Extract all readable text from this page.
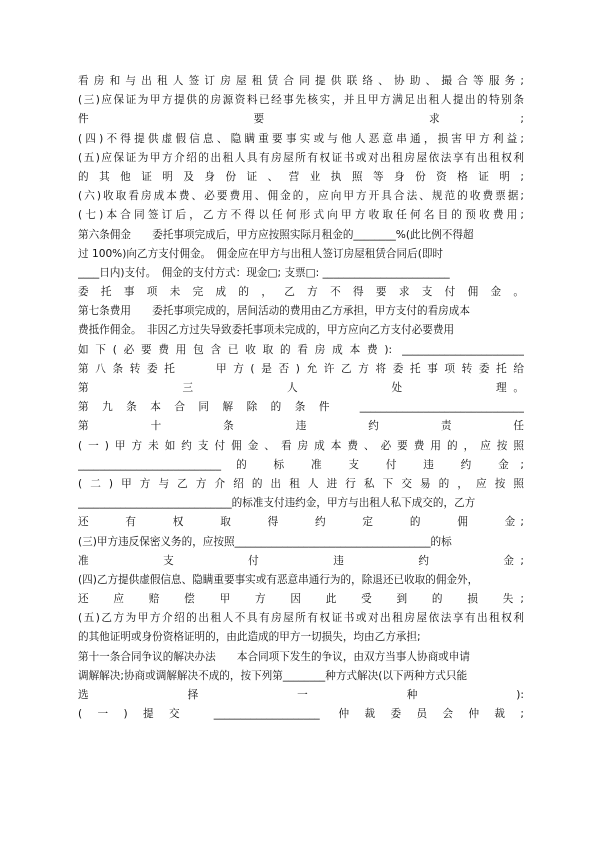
看房和与出租人签订房屋租赁合同提供联络、协助、撮合等服务;
(三)应保证为甲方提供的房源资料已经事先核实，并且甲方满足出租人提出的特别条
件 要 求;
(四)不得提供虚假信息、隐瞒重要事实或与他人恶意串通，损害甲方利益;
(五)应保证为甲方介绍的出租人具有房屋所有权证书或对出租房屋依法享有出租权利
的其他证明及身份证、营业执照等身份资格证明;
(六)收取看房成本费、必要费用、佣金的，应向甲方开具合法、规范的收费票据;
(七)本合同签订后，乙方不得以任何形式向甲方收取任何名目的预收费用;
第六条佣金　　委托事项完成后，甲方应按照实际月租金的________%(此比例不得超
过 100%)向乙方支付佣金。　佣金应在甲方与出租人签订房屋租赁合同后(即时
____日内)支付。　佣金的支付方式：现金□; 支票□: ________________________
委托事项未完成的，乙方不得要求支付佣金。
第七条费用　　委托事项完成的，居间活动的费用由乙方承担，甲方支付的看房成本
费抵作佣金。　非因乙方过失导致委托事项未完成的，甲方应向乙方支付必要费用
如下(必要费用包含已收取的看房成本费): _______________________
第八条转委托　　甲方(是否)允许乙方将委托事项转委托给
第　　　　　三　　　　　人　　　　　处　　　　　理。
第九条本合同解除的条件 _______________________________
第　　　　十　　　　条　　　　违　　　　约　　　　责　　　　任
(一)甲方未如约支付佣金、看房成本费、必要费用的，应按照
___________________________ 的 标 准 支 付 违 约 金;
(二)甲方与乙方介绍的出租人进行私下交易的，应按照
_____________________________的标准支付违约金，甲方与出租人私下成交的，乙方
还　　有　　权　　取　　得　　约　　定　　的　　佣　　金;
(三)甲方违反保密义务的，应按照_____________________________________的标
准　　　　支　　　　付　　　　违　　　　约　　　　金;
(四)乙方提供虚假信息、隐瞒重要事实或有恶意串通行为的，除退还已收取的佣金外，
还　应　赔　偿　甲　方　因　此　受　到　的　损　失;
(五)乙方为甲方介绍的出租人不具有房屋所有权证书或对出租房屋依法享有出租权利
的其他证明或身份资格证明的，由此造成的甲方一切损失，均由乙方承担;
第十一条合同争议的解决办法　　本合同项下发生的争议，由双方当事人协商或申请
调解解决;协商或调解解决不成的，按下列第________种方式解决(以下两种方式只能
选　　　　　择　　　　　一　　　　　种　　　　　):
(一)提交 ____________________ 仲裁委员会仲裁;
